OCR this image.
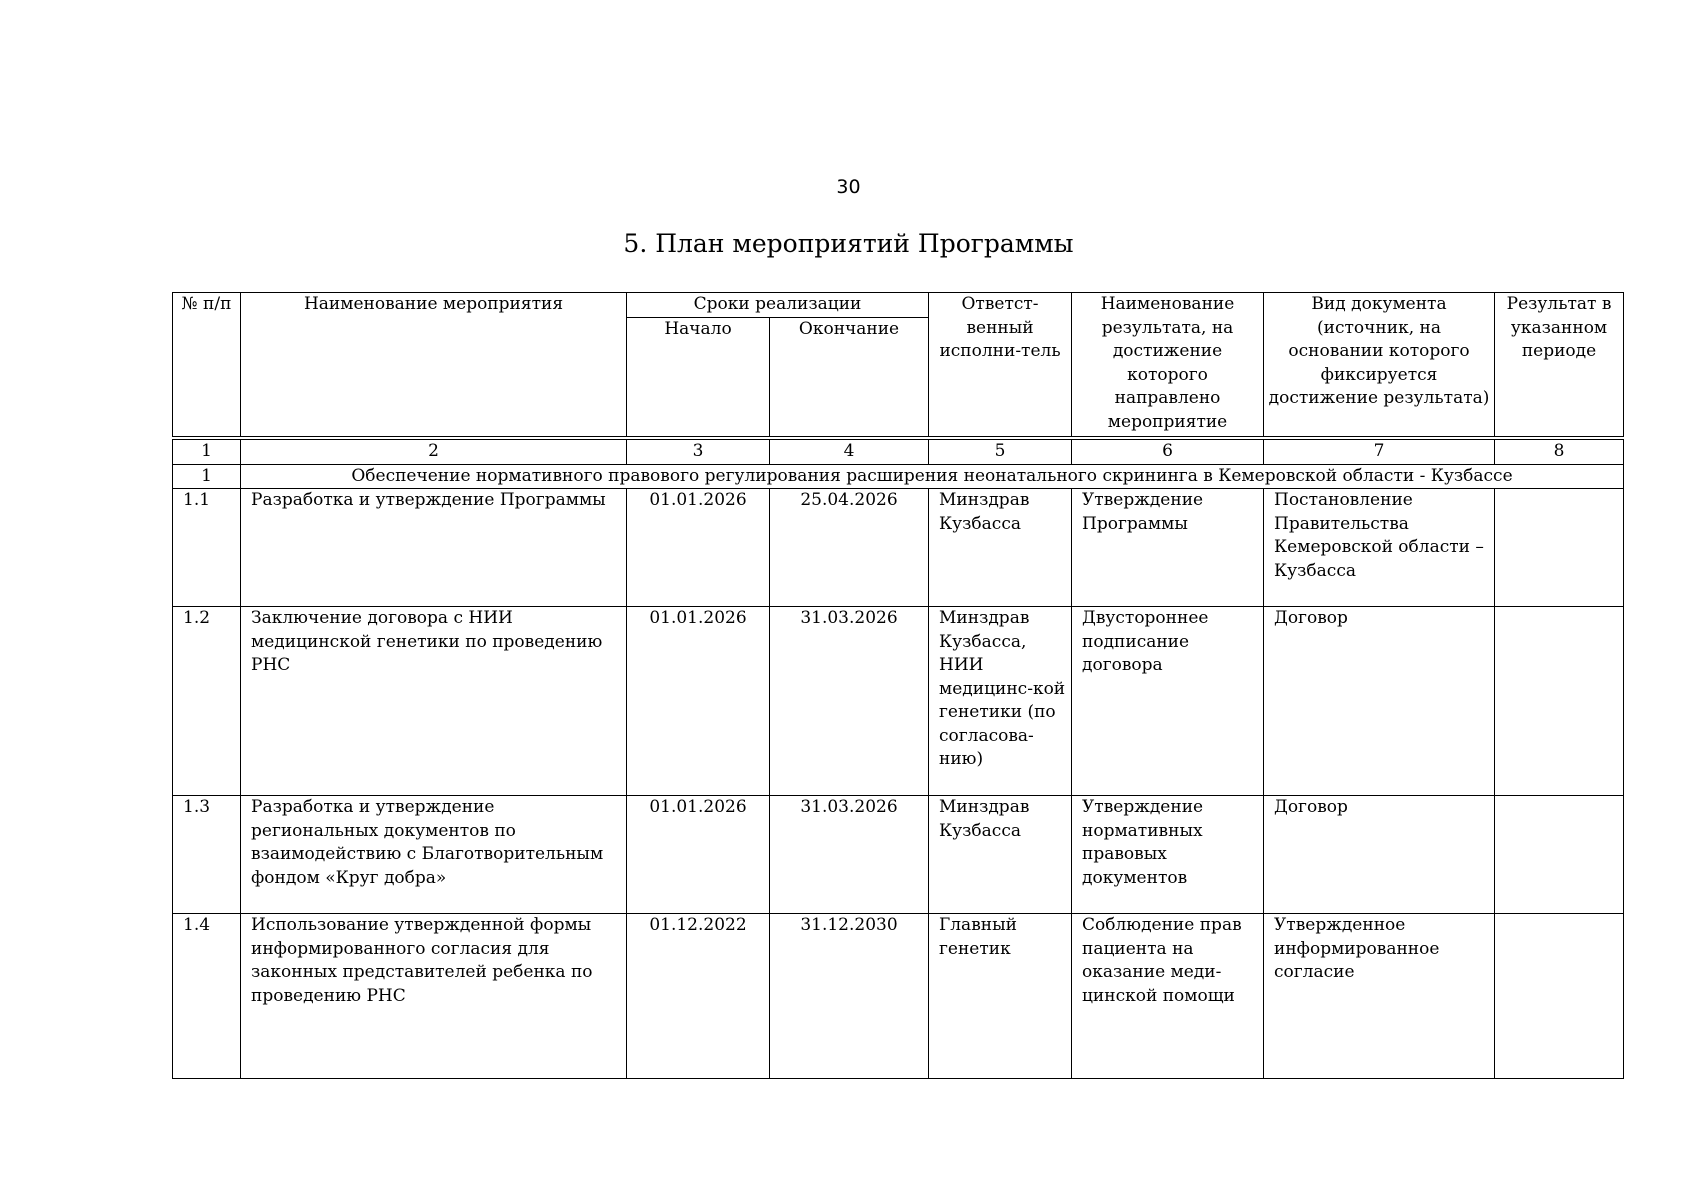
30
5. План мероприятий Программы
№ п/п	Наименование мероприятия	Сроки реализации		Ответст-венный исполни-тель	Наименование результата, на достижение которого направлено мероприятие	Вид документа (источник, на основании которого фиксируется достижение результата)	Результат в указанном периоде
		Начало	Окончание				
1	2	3	4	5	6	7	8
1	Обеспечение нормативного правового регулирования расширения неонатального скрининга в Кемеровской области - Кузбассе						
1.1	Разработка и утверждение Программы	01.01.2026	25.04.2026	Минздрав Кузбасса	Утверждение Программы	Постановление Правительства Кемеровской области – Кузбасса	
1.2	Заключение договора с НИИ медицинской генетики по проведению РНС	01.01.2026	31.03.2026	Минздрав Кузбасса, НИИ медицинс-кой генетики (по согласова-нию)	Двустороннее подписание договора	Договор	
1.3	Разработка и утверждение региональных документов по взаимодействию с Благотворительным фондом «Круг добра»	01.01.2026	31.03.2026	Минздрав Кузбасса	Утверждение нормативных правовых документов	Договор	
1.4	Использование утвержденной формы информированного согласия для законных представителей ребенка по проведению РНС	01.12.2022	31.12.2030	Главный генетик	Соблюдение прав пациента на оказание меди-цинской помощи	Утвержденное информированное согласие	
